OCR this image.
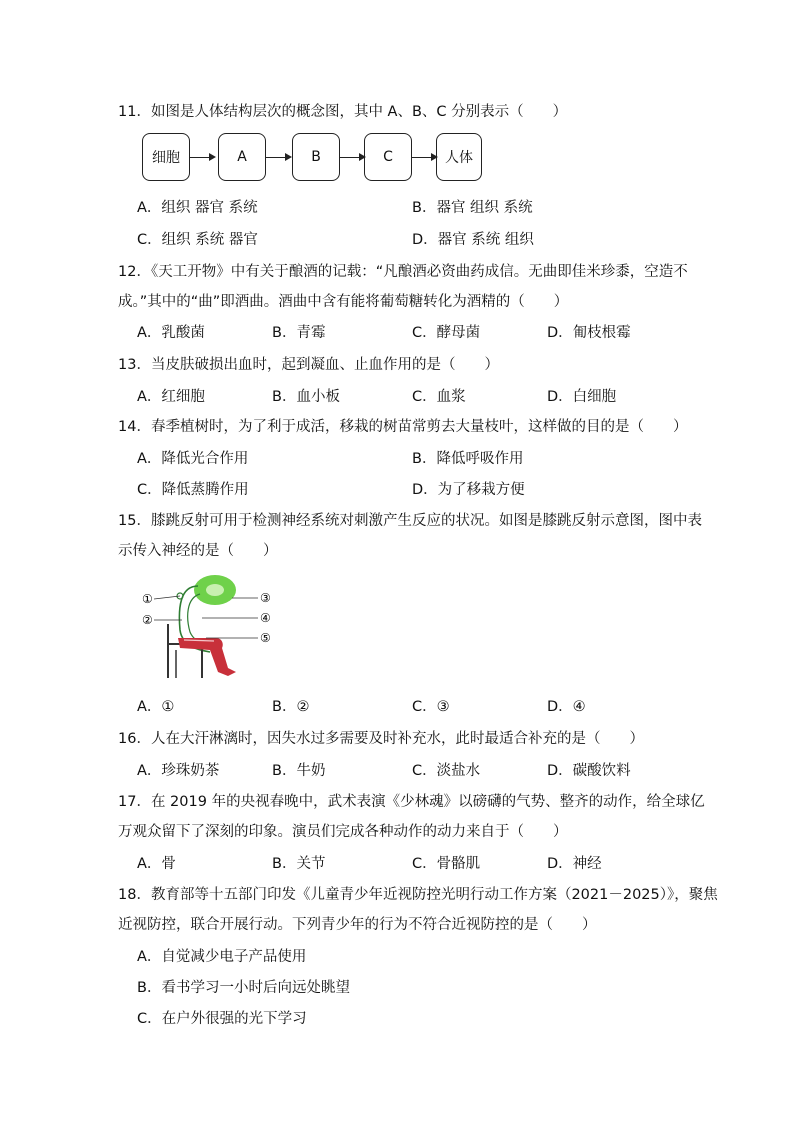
11．如图是人体结构层次的概念图，其中 A、B、C 分别表示（　　）
细胞	A	B	C	人体
A．组织 器官 系统	B．器官 组织 系统
C．组织 系统 器官	D．器官 系统 组织
12．《天工开物》中有关于酿酒的记载：“凡酿酒必资曲药成信。无曲即佳米珍黍，空造不
成。”其中的“曲”即酒曲。酒曲中含有能将葡萄糖转化为酒精的（　　）
A．乳酸菌	B．青霉	C．酵母菌	D．匍枝根霉
13．当皮肤破损出血时，起到凝血、止血作用的是（　　）
A．红细胞	B．血小板	C．血浆	D．白细胞
14．春季植树时，为了利于成活，移栽的树苗常剪去大量枝叶，这样做的目的是（　　）
A．降低光合作用	B．降低呼吸作用
C．降低蒸腾作用	D．为了移栽方便
15．膝跳反射可用于检测神经系统对刺激产生反应的状况。如图是膝跳反射示意图，图中表
示传入神经的是（　　）
①
②
③
④
⑤
A．①	B．②	C．③	D．④
16．人在大汗淋漓时，因失水过多需要及时补充水，此时最适合补充的是（　　）
A．珍珠奶茶	B．牛奶	C．淡盐水	D．碳酸饮料
17．在 2019 年的央视春晚中，武术表演《少林魂》以磅礴的气势、整齐的动作，给全球亿
万观众留下了深刻的印象。演员们完成各种动作的动力来自于（　　）
A．骨	B．关节	C．骨骼肌	D．神经
18．教育部等十五部门印发《儿童青少年近视防控光明行动工作方案（2021－2025）》，聚焦
近视防控，联合开展行动。下列青少年的行为不符合近视防控的是（　　）
A．自觉减少电子产品使用
B．看书学习一小时后向远处眺望
C．在户外很强的光下学习
